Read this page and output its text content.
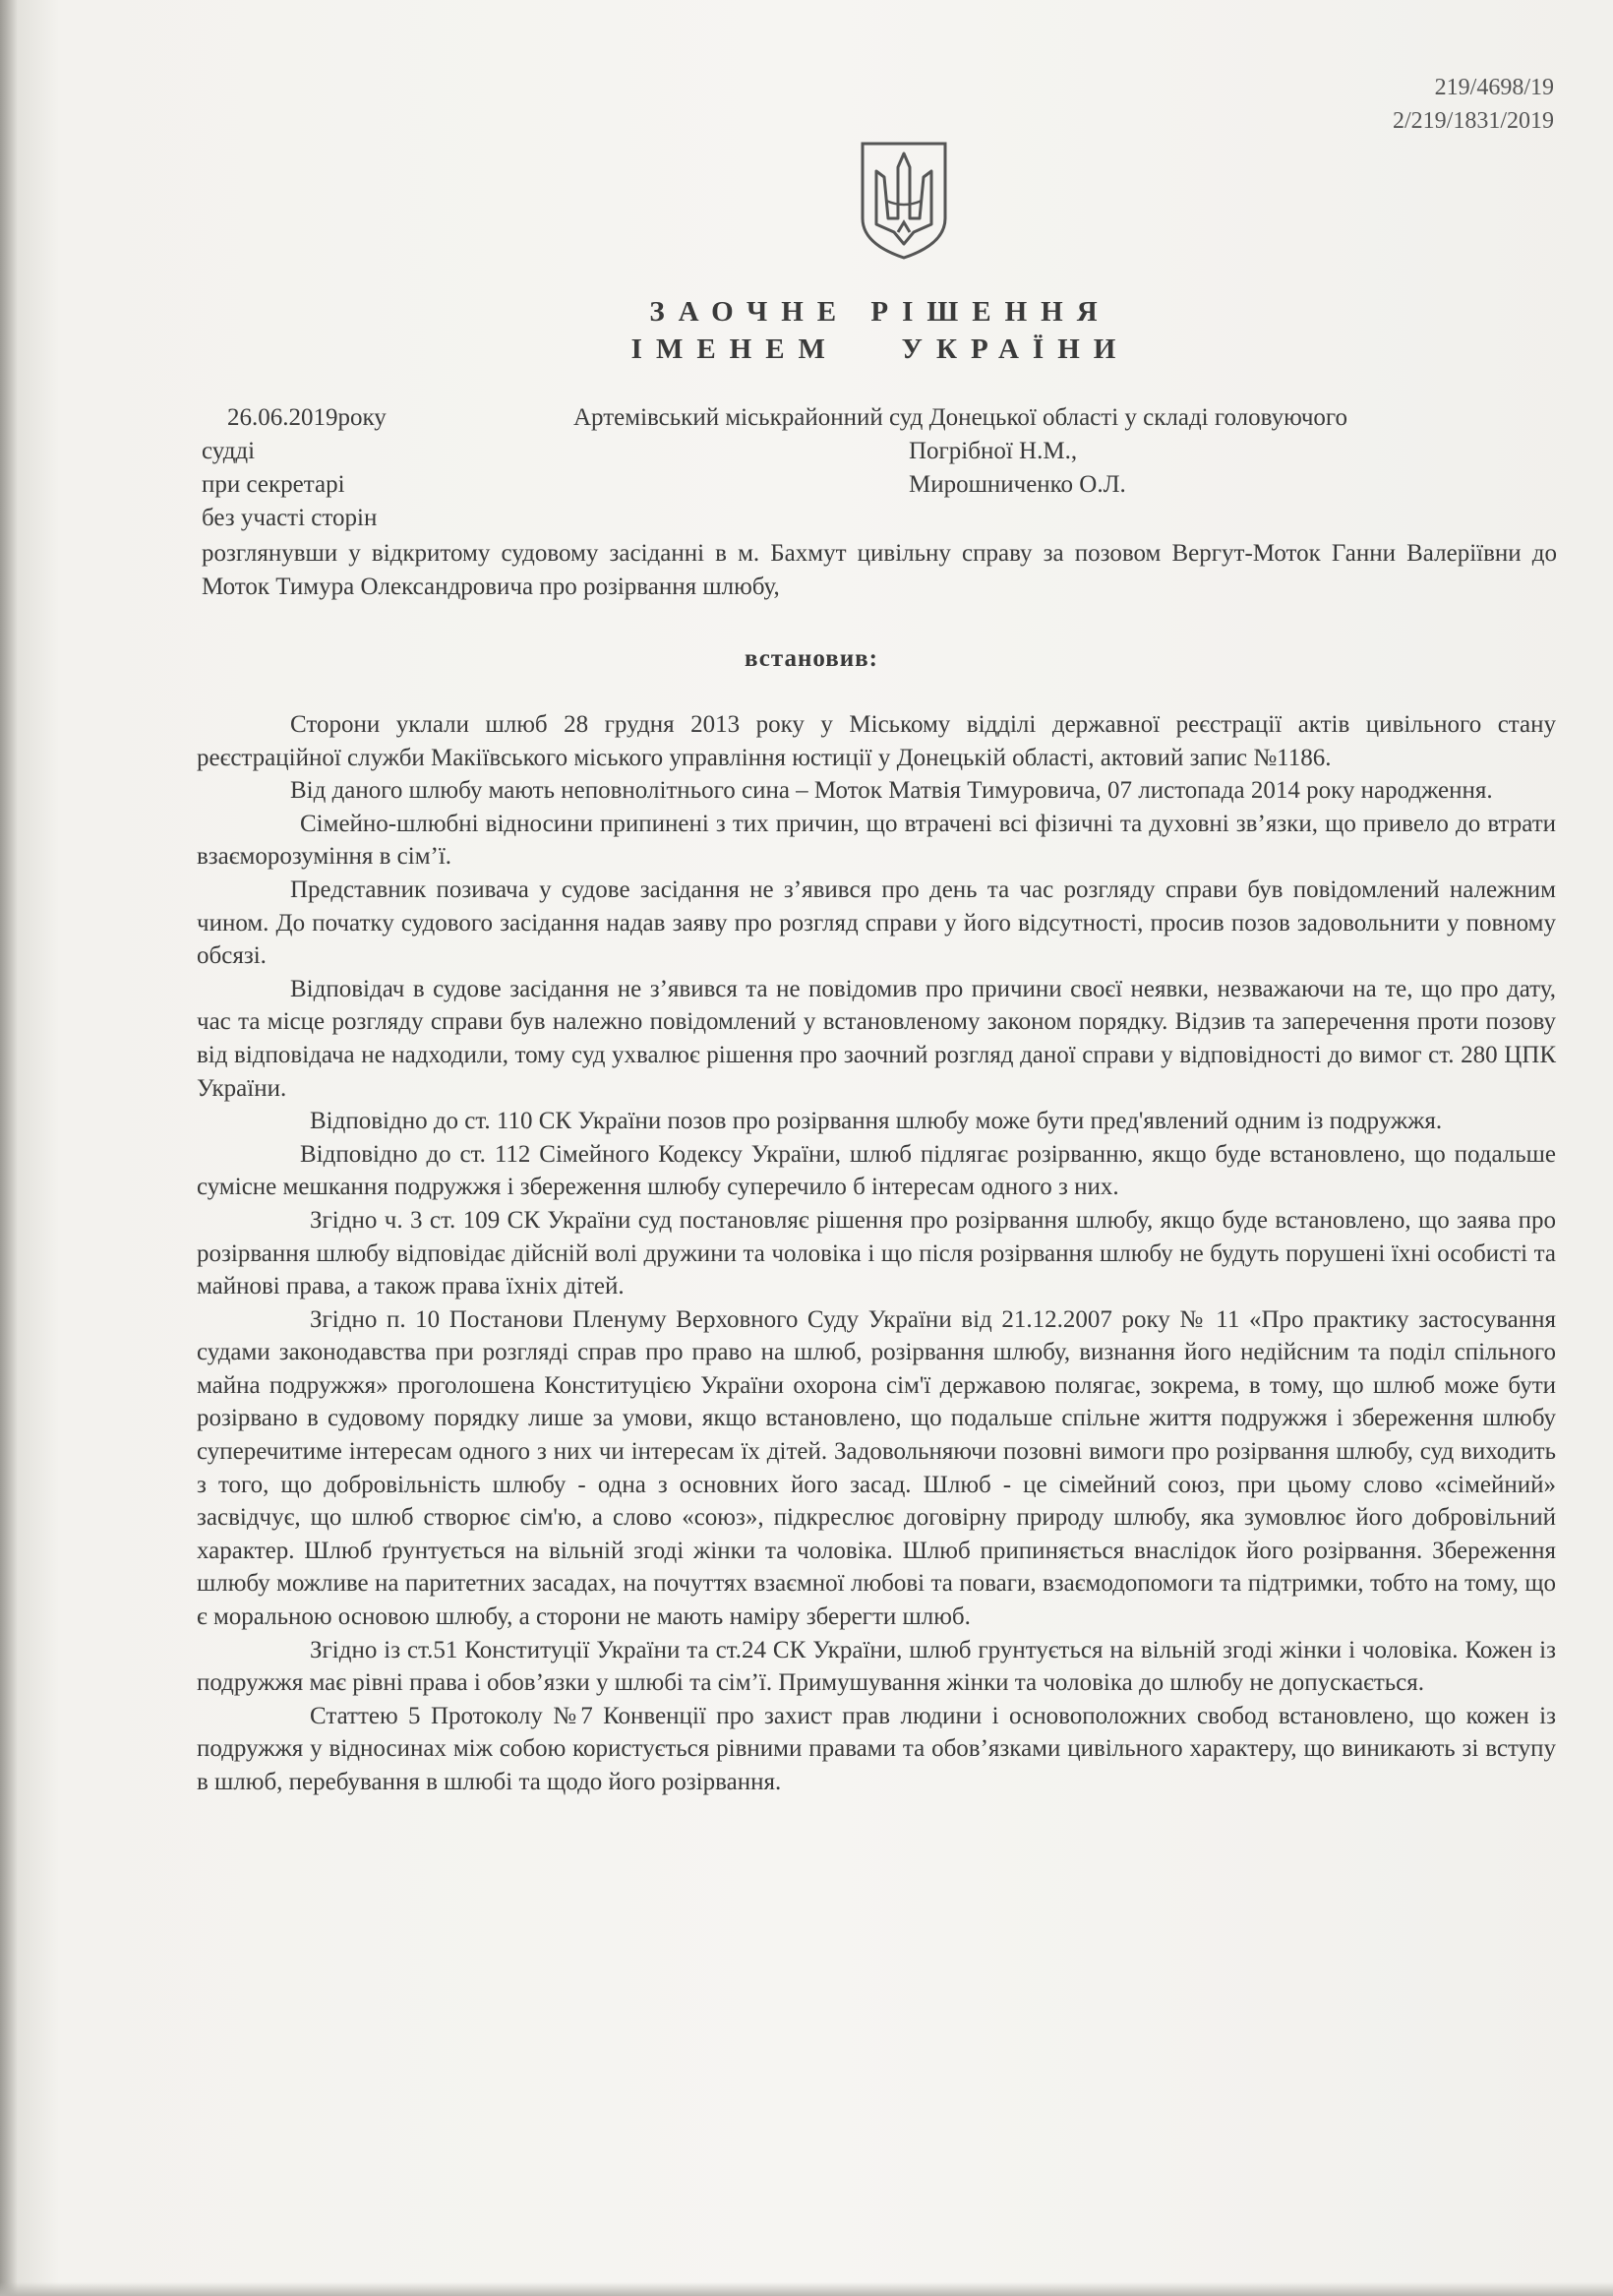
219/4698/19
2/219/1831/2019
ЗАОЧНЕ РІШЕННЯ
ІМЕНЕМ   УКРАЇНИ
26.06.2019року
судді
при секретарі
без участі сторін
Артемівський міськрайонний суд Донецької області у складі головуючого
Погрібної Н.М.,
Мирошниченко О.Л.
розглянувши у відкритому судовому засіданні в м. Бахмут цивільну справу за позовом Вергут-Моток Ганни Валеріївни до Моток Тимура Олександровича про розірвання шлюбу,
встановив:

Сторони уклали шлюб 28 грудня 2013 року у Міському відділі державної реєстрації актів цивільного стану реєстраційної служби Макіївського міського управління юстиції у Донецькій області, актовий запис №1186.

Від даного шлюбу мають неповнолітнього сина – Моток Матвія Тимуровича, 07 листопада 2014 року народження.

Сімейно-шлюбні відносини припинені з тих причин, що втрачені всі фізичні та духовні зв’язки, що привело до втрати взаєморозуміння в сім’ї.

Представник позивача у судове засідання не з’явився про день та час розгляду справи був повідомлений належним чином. До початку судового засідання надав заяву про розгляд справи у його відсутності, просив позов задовольнити у повному обсязі.

Відповідач в судове засідання не з’явився та не повідомив про причини своєї неявки, незважаючи на те, що про дату, час та місце розгляду справи був належно повідомлений у встановленому законом порядку. Відзив та заперечення проти позову від відповідача не надходили, тому суд ухвалює рішення про заочний розгляд даної справи у відповідності до вимог ст. 280 ЦПК України.

Відповідно до ст. 110 СК України позов про розірвання шлюбу може бути пред'явлений одним із подружжя.

Відповідно до ст. 112 Сімейного Кодексу України, шлюб підлягає розірванню, якщо буде встановлено, що подальше сумісне мешкання подружжя і збереження шлюбу суперечило б інтересам одного з них.

Згідно ч. 3 ст. 109 СК України суд постановляє рішення про розірвання шлюбу, якщо буде встановлено, що заява про розірвання шлюбу відповідає дійсній волі дружини та чоловіка і що після розірвання шлюбу не будуть порушені їхні особисті та майнові права, а також права їхніх дітей.

Згідно п. 10 Постанови Пленуму Верховного Суду України від 21.12.2007 року № 11 «Про практику застосування судами законодавства при розгляді справ про право на шлюб, розірвання шлюбу, визнання його недійсним та поділ спільного майна подружжя» проголошена Конституцією України охорона сім'ї державою полягає, зокрема, в тому, що шлюб може бути розірвано в судовому порядку лише за умови, якщо встановлено, що подальше спільне життя подружжя і збереження шлюбу суперечитиме інтересам одного з них чи інтересам їх дітей. Задовольняючи позовні вимоги про розірвання шлюбу, суд виходить з того, що добровільність шлюбу - одна з основних його засад. Шлюб - це сімейний союз, при цьому слово «сімейний» засвідчує, що шлюб створює сім'ю, а слово «союз», підкреслює договірну природу шлюбу, яка зумовлює його добровільний характер. Шлюб ґрунтується на вільній згоді жінки та чоловіка. Шлюб припиняється внаслідок його розірвання. Збереження шлюбу можливе на паритетних засадах, на почуттях взаємної любові та поваги, взаємодопомоги та підтримки, тобто на тому, що є моральною основою шлюбу, а сторони не мають наміру зберегти шлюб.

Згідно із ст.51 Конституції України та ст.24 СК України, шлюб грунтується на вільній згоді жінки і чоловіка. Кожен із подружжя має рівні права і обов’язки у шлюбі та сім’ї. Примушування жінки та чоловіка до шлюбу не допускається.

Статтею 5 Протоколу №7 Конвенції про захист прав людини і основоположних свобод встановлено, що кожен із подружжя у відносинах між собою користується рівними правами та обов’язками цивільного характеру, що виникають зі вступу в шлюб, перебування в шлюбі та щодо його розірвання.
